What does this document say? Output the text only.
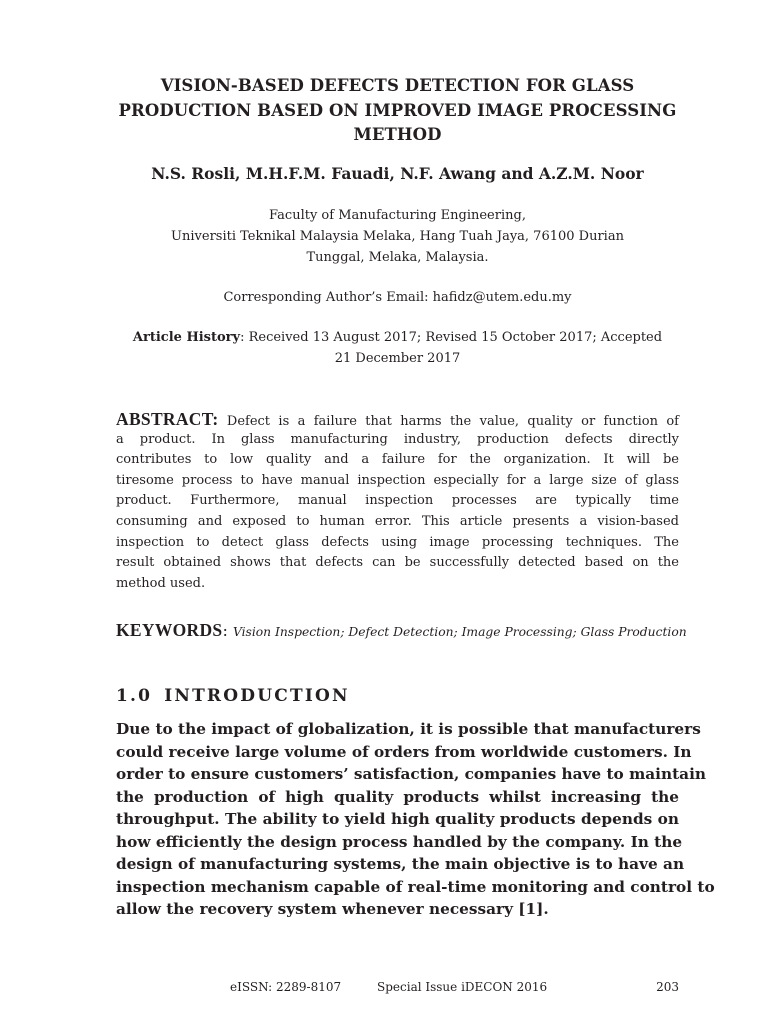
VISION-BASED DEFECTS DETECTION FOR GLASS
PRODUCTION BASED ON IMPROVED IMAGE PROCESSING
METHOD
N.S. Rosli, M.H.F.M. Fauadi, N.F. Awang and A.Z.M. Noor
Faculty of Manufacturing Engineering,
Universiti Teknikal Malaysia Melaka, Hang Tuah Jaya, 76100 Durian
Tunggal, Melaka, Malaysia.
Corresponding Author’s Email: hafidz@utem.edu.my
Article History: Received 13 August 2017; Revised 15 October 2017; Accepted
21 December 2017
ABSTRACT: Defect is a failure that harms the value, quality or function of
a product. In glass manufacturing industry, production defects directly
contributes to low quality and a failure for the organization. It will be
tiresome process to have manual inspection especially for a large size of glass
product. Furthermore, manual inspection processes are typically time
consuming and exposed to human error. This article presents a vision-based
inspection to detect glass defects using image processing techniques. The
result obtained shows that defects can be successfully detected based on the
method used.
KEYWORDS: Vision Inspection; Defect Detection; Image Processing; Glass Production
1.0 INTRODUCTION
Due to the impact of globalization, it is possible that manufacturers
could receive large volume of orders from worldwide customers. In
order to ensure customers’ satisfaction, companies have to maintain
the production of high quality products whilst increasing the
throughput. The ability to yield high quality products depends on
how efficiently the design process handled by the company. In the
design of manufacturing systems, the main objective is to have an
inspection mechanism capable of real-time monitoring and control to
allow the recovery system whenever necessary [1].
eISSN: 2289-8107	Special Issue iDECON 2016	203
